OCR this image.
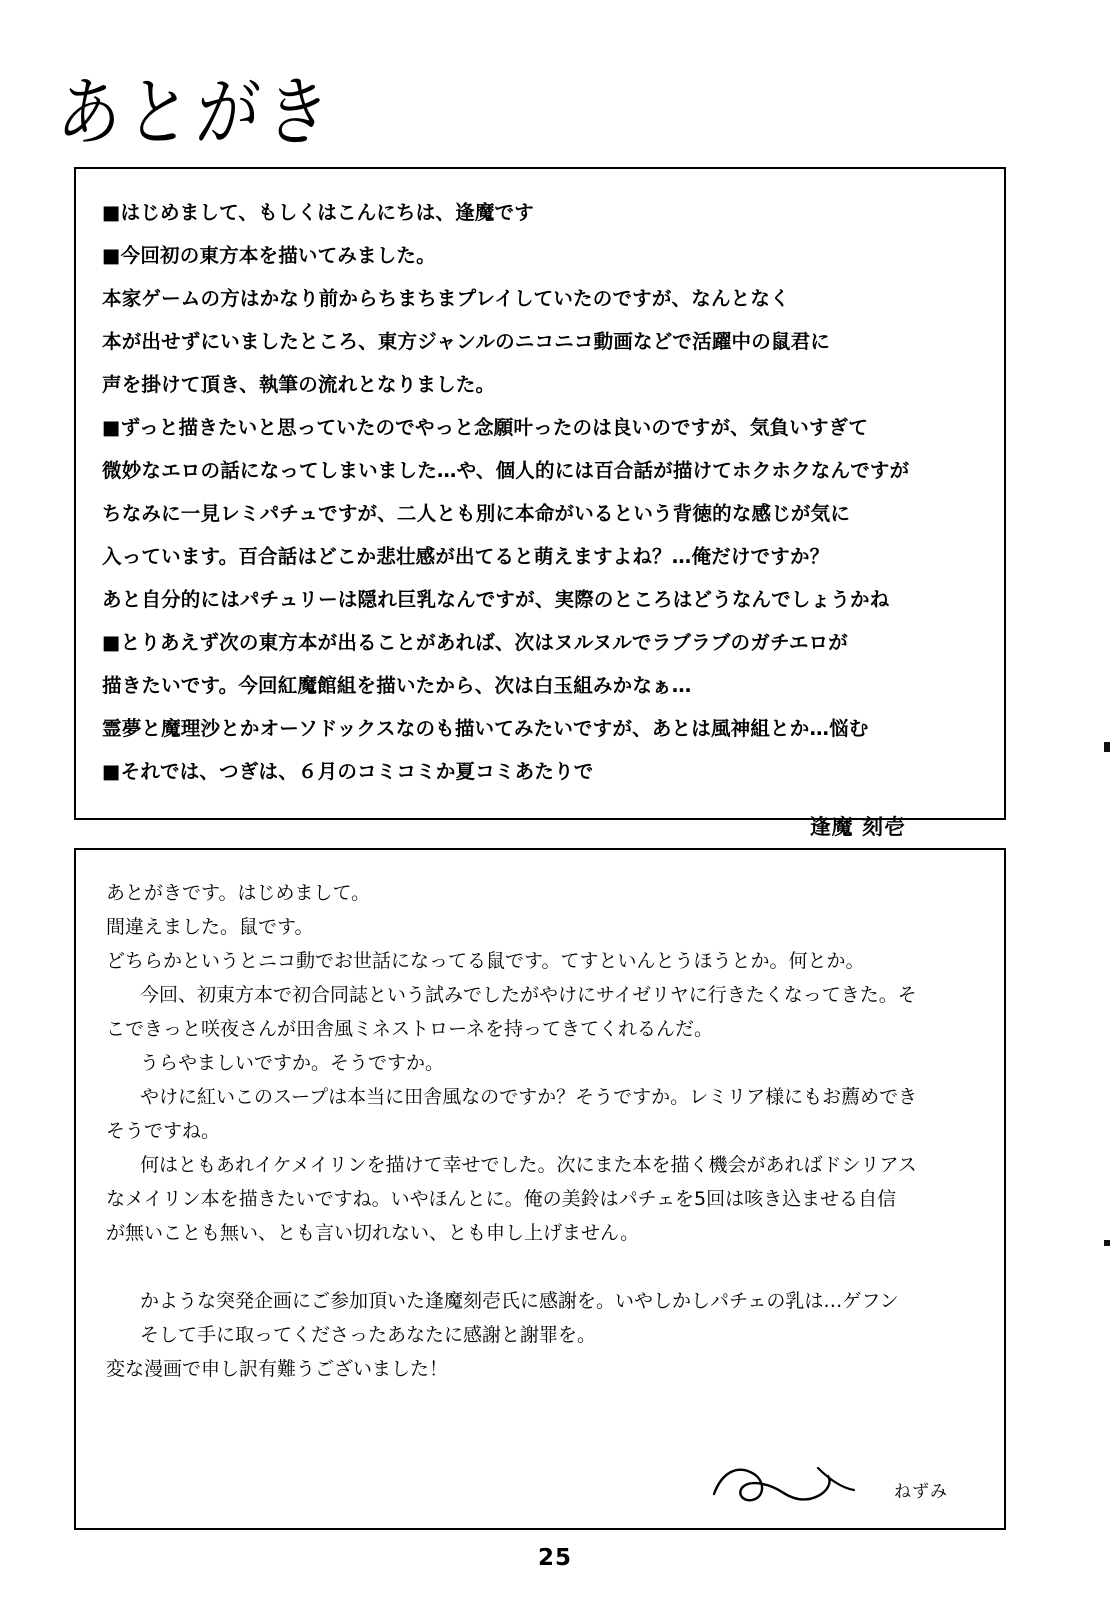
あとがき
■はじめまして、もしくはこんにちは、逢魔です
■今回初の東方本を描いてみました。
本家ゲームの方はかなり前からちまちまプレイしていたのですが、なんとなく
本が出せずにいましたところ、東方ジャンルのニコニコ動画などで活躍中の鼠君に
声を掛けて頂き、執筆の流れとなりました。
■ずっと描きたいと思っていたのでやっと念願叶ったのは良いのですが、気負いすぎて
微妙なエロの話になってしまいました…や、個人的には百合話が描けてホクホクなんですが
ちなみに一見レミパチュですが、二人とも別に本命がいるという背徳的な感じが気に
入っています。百合話はどこか悲壮感が出てると萌えますよね？…俺だけですか？
あと自分的にはパチュリーは隠れ巨乳なんですが、実際のところはどうなんでしょうかね
■とりあえず次の東方本が出ることがあれば、次はヌルヌルでラブラブのガチエロが
描きたいです。今回紅魔館組を描いたから、次は白玉組みかなぁ…
霊夢と魔理沙とかオーソドックスなのも描いてみたいですが、あとは風神組とか…悩む
■それでは、つぎは、６月のコミコミか夏コミあたりで
逢魔 刻壱
あとがきです。はじめまして。
間違えました。鼠です。
どちらかというとニコ動でお世話になってる鼠です。てすといんとうほうとか。何とか。
今回、初東方本で初合同誌という試みでしたがやけにサイゼリヤに行きたくなってきた。そ
こできっと咲夜さんが田舎風ミネストローネを持ってきてくれるんだ。
うらやましいですか。そうですか。
やけに紅いこのスープは本当に田舎風なのですか？そうですか。レミリア様にもお薦めでき
そうですね。
何はともあれイケメイリンを描けて幸せでした。次にまた本を描く機会があればドシリアス
なメイリン本を描きたいですね。いやほんとに。俺の美鈴はパチェを5回は咳き込ませる自信
が無いことも無い、とも言い切れない、とも申し上げません。
かような突発企画にご参加頂いた逢魔刻壱氏に感謝を。いやしかしパチェの乳は…ゲフン
そして手に取ってくださったあなたに感謝と謝罪を。
変な漫画で申し訳有難うございました！
ねずみ
25
